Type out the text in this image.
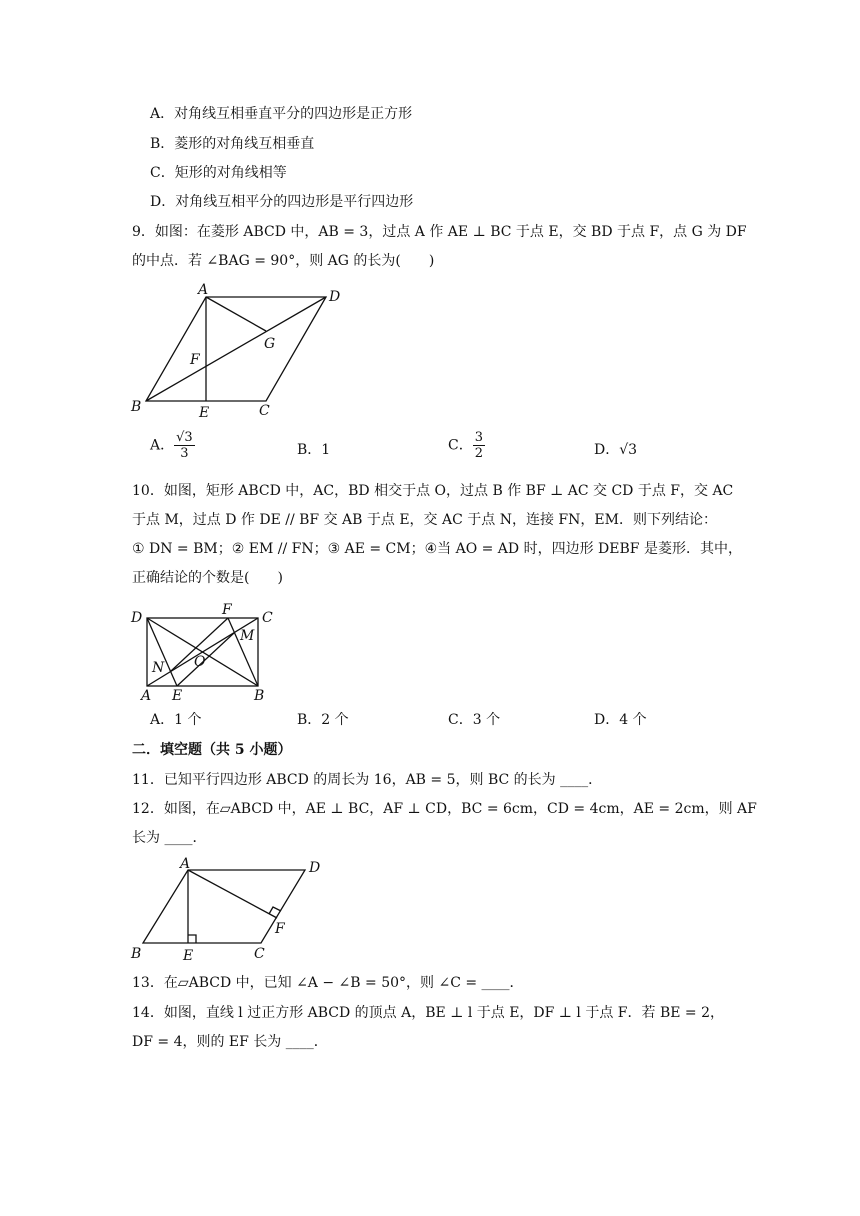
A．对角线互相垂直平分的四边形是正方形
B．菱形的对角线互相垂直
C．矩形的对角线相等
D．对角线互相平分的四边形是平行四边形
9．如图：在菱形 ABCD 中，AB = 3，过点 A 作 AE ⊥ BC 于点 E，交 BD 于点 F，点 G 为 DF
的中点．若 ∠BAG = 90°，则 AG 的长为(　　)
A	D
G
F
B	E	C
A． $\frac{√3}{3}$	B．1	C． $\frac{3}{2}$	D．√3
10．如图，矩形 ABCD 中，AC，BD 相交于点 O，过点 B 作 BF ⊥ AC 交 CD 于点 F，交 AC
于点 M，过点 D 作 DE // BF 交 AB 于点 E，交 AC 于点 N，连接 FN，EM．则下列结论：
① DN = BM；② EM // FN；③ AE = CM；④当 AO = AD 时，四边形 DEBF 是菱形．其中，
正确结论的个数是(　　)
D	F C
M
O
N
A E	B
A．1 个	B．2 个	C．3 个	D．4 个
二．填空题（共 5 小题）
11．已知平行四边形 ABCD 的周长为 16，AB = 5，则 BC 的长为 ____．
12．如图，在▱ABCD 中，AE ⊥ BC，AF ⊥ CD，BC = 6cm，CD = 4cm，AE = 2cm，则 AF
长为 ____．
A	D
F
B	E	C
13．在▱ABCD 中，已知 ∠A − ∠B = 50°，则 ∠C = ____．
14．如图，直线 l 过正方形 ABCD 的顶点 A，BE ⊥ l 于点 E，DF ⊥ l 于点 F．若 BE = 2，
DF = 4，则的 EF 长为 ____．
